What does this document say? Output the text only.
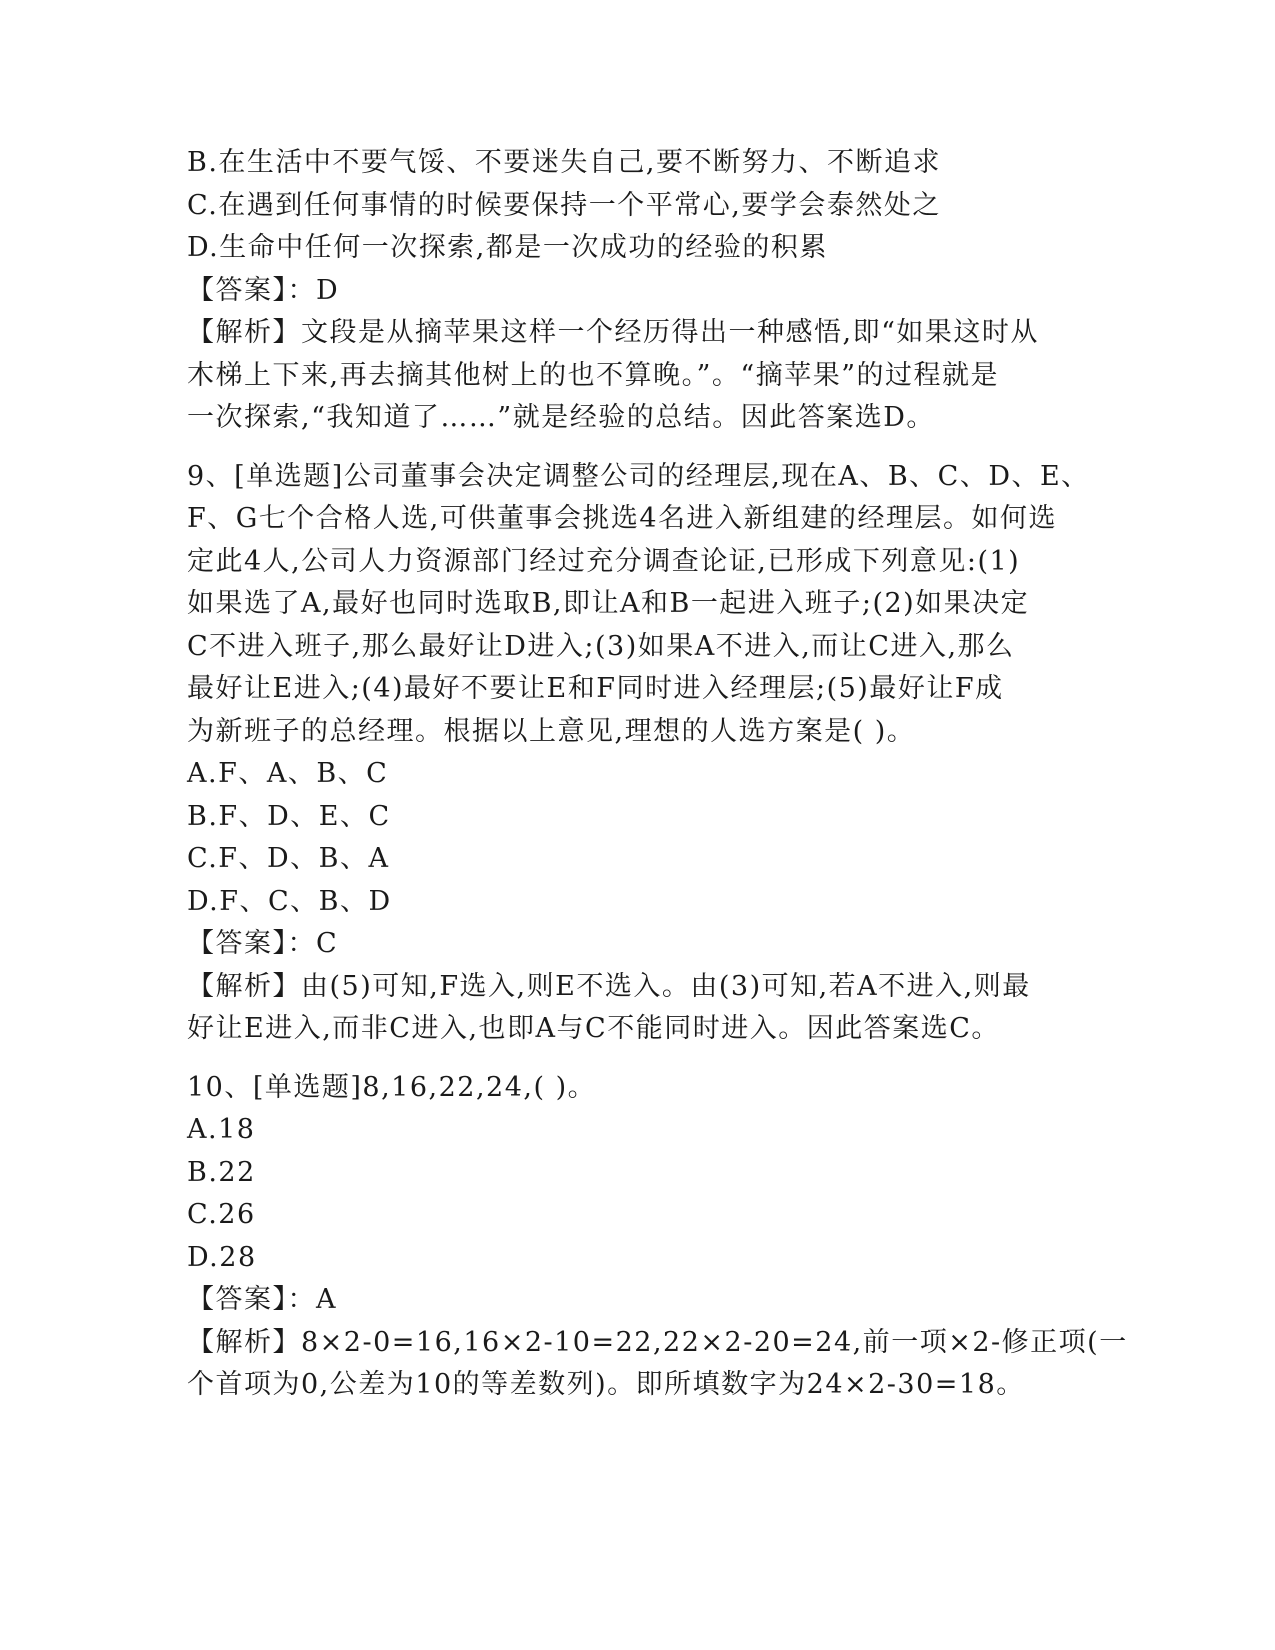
B.在生活中不要气馁、不要迷失自己,要不断努力、不断追求
C.在遇到任何事情的时候要保持一个平常心,要学会泰然处之
D.生命中任何一次探索,都是一次成功的经验的积累
【答案】：D
【解析】文段是从摘苹果这样一个经历得出一种感悟,即“如果这时从
木梯上下来,再去摘其他树上的也不算晚。”。“摘苹果”的过程就是
一次探索,“我知道了……”就是经验的总结。因此答案选D。
9、[单选题]公司董事会决定调整公司的经理层,现在A、B、C、D、E、
F、G七个合格人选,可供董事会挑选4名进入新组建的经理层。如何选
定此4人,公司人力资源部门经过充分调查论证,已形成下列意见:(1)
如果选了A,最好也同时选取B,即让A和B一起进入班子;(2)如果决定
C不进入班子,那么最好让D进入;(3)如果A不进入,而让C进入,那么
最好让E进入;(4)最好不要让E和F同时进入经理层;(5)最好让F成
为新班子的总经理。根据以上意见,理想的人选方案是( )。
A.F、A、B、C
B.F、D、E、C
C.F、D、B、A
D.F、C、B、D
【答案】：C
【解析】由(5)可知,F选入,则E不选入。由(3)可知,若A不进入,则最
好让E进入,而非C进入,也即A与C不能同时进入。因此答案选C。
10、[单选题]8,16,22,24,( )。
A.18
B.22
C.26
D.28
【答案】：A
【解析】8×2-0=16,16×2-10=22,22×2-20=24,前一项×2-修正项(一
个首项为0,公差为10的等差数列)。即所填数字为24×2-30=18。
